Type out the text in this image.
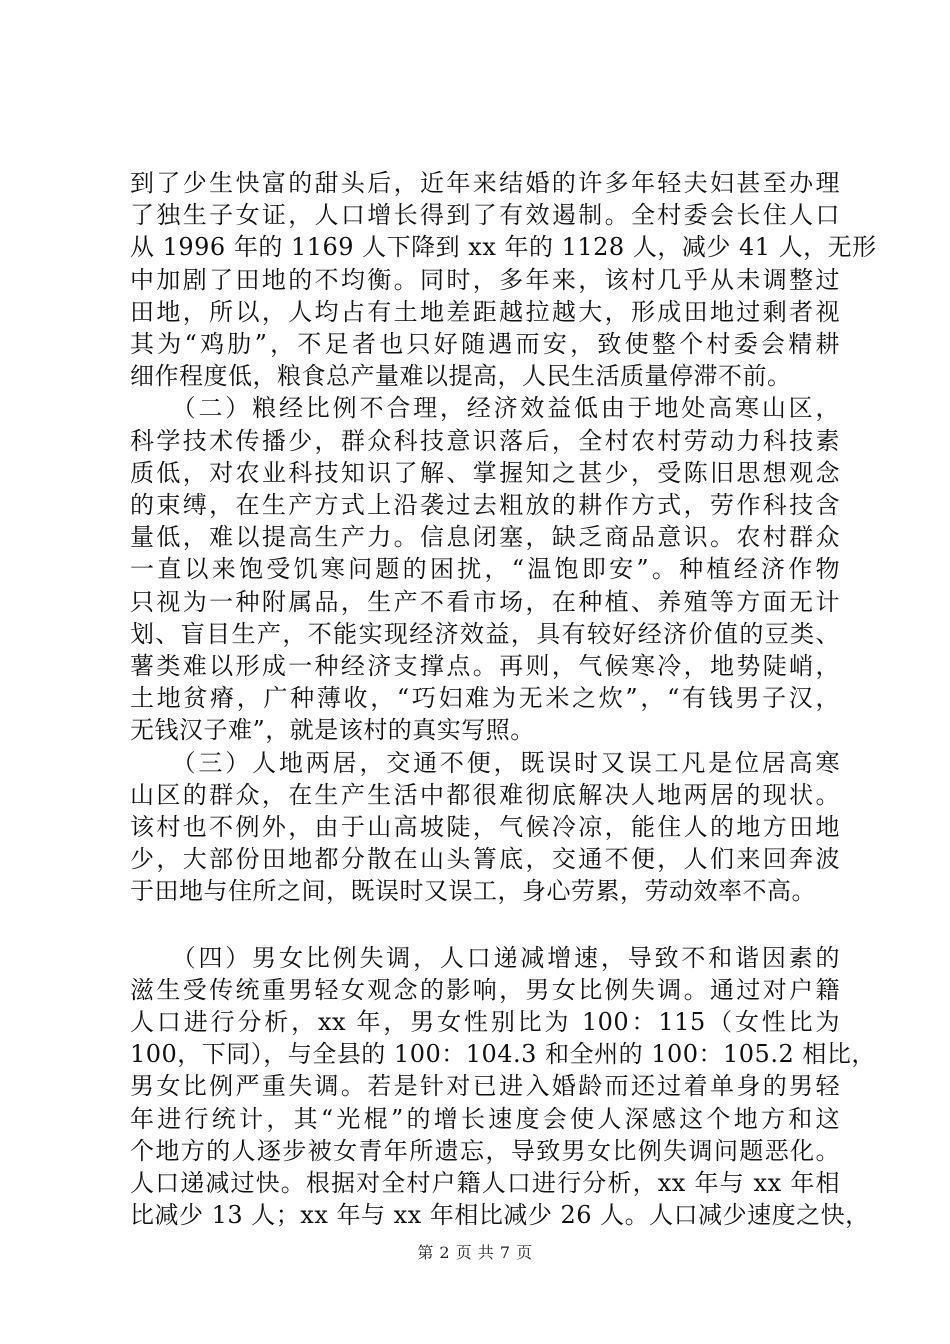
到了少生快富的甜头后，近年来结婚的许多年轻夫妇甚至办理
了独生子女证，人口增长得到了有效遏制。全村委会长住人口
从 1996 年的 1169 人下降到 xx 年的 1128 人，减少 41 人，无形
中加剧了田地的不均衡。同时，多年来，该村几乎从未调整过
田地，所以，人均占有土地差距越拉越大，形成田地过剩者视
其为“鸡肋”，不足者也只好随遇而安，致使整个村委会精耕
细作程度低，粮食总产量难以提高，人民生活质量停滞不前。

　　（二）粮经比例不合理，经济效益低由于地处高寒山区，
科学技术传播少，群众科技意识落后，全村农村劳动力科技素
质低，对农业科技知识了解、掌握知之甚少，受陈旧思想观念
的束缚，在生产方式上沿袭过去粗放的耕作方式，劳作科技含
量低，难以提高生产力。信息闭塞，缺乏商品意识。农村群众
一直以来饱受饥寒问题的困扰，“温饱即安”。种植经济作物
只视为一种附属品，生产不看市场，在种植、养殖等方面无计
划、盲目生产，不能实现经济效益，具有较好经济价值的豆类、
薯类难以形成一种经济支撑点。再则，气候寒冷，地势陡峭，
土地贫瘠，广种薄收，“巧妇难为无米之炊”，“有钱男子汉，
无钱汉子难”，就是该村的真实写照。

　　（三）人地两居，交通不便，既误时又误工凡是位居高寒
山区的群众，在生产生活中都很难彻底解决人地两居的现状。
该村也不例外，由于山高坡陡，气候冷凉，能住人的地方田地
少，大部份田地都分散在山头箐底，交通不便，人们来回奔波
于田地与住所之间，既误时又误工，身心劳累，劳动效率不高。

　　（四）男女比例失调，人口递减增速，导致不和谐因素的
滋生受传统重男轻女观念的影响，男女比例失调。通过对户籍
人口进行分析，xx 年，男女性别比为 100：115（女性比为
100，下同），与全县的 100：104.3 和全州的 100：105.2 相比，
男女比例严重失调。若是针对已进入婚龄而还过着单身的男轻
年进行统计，其“光棍”的增长速度会使人深感这个地方和这
个地方的人逐步被女青年所遗忘，导致男女比例失调问题恶化。
人口递减过快。根据对全村户籍人口进行分析，xx 年与 xx 年相
比减少 13 人；xx 年与 xx 年相比减少 26 人。人口减少速度之快，

第 2 页 共 7 页
